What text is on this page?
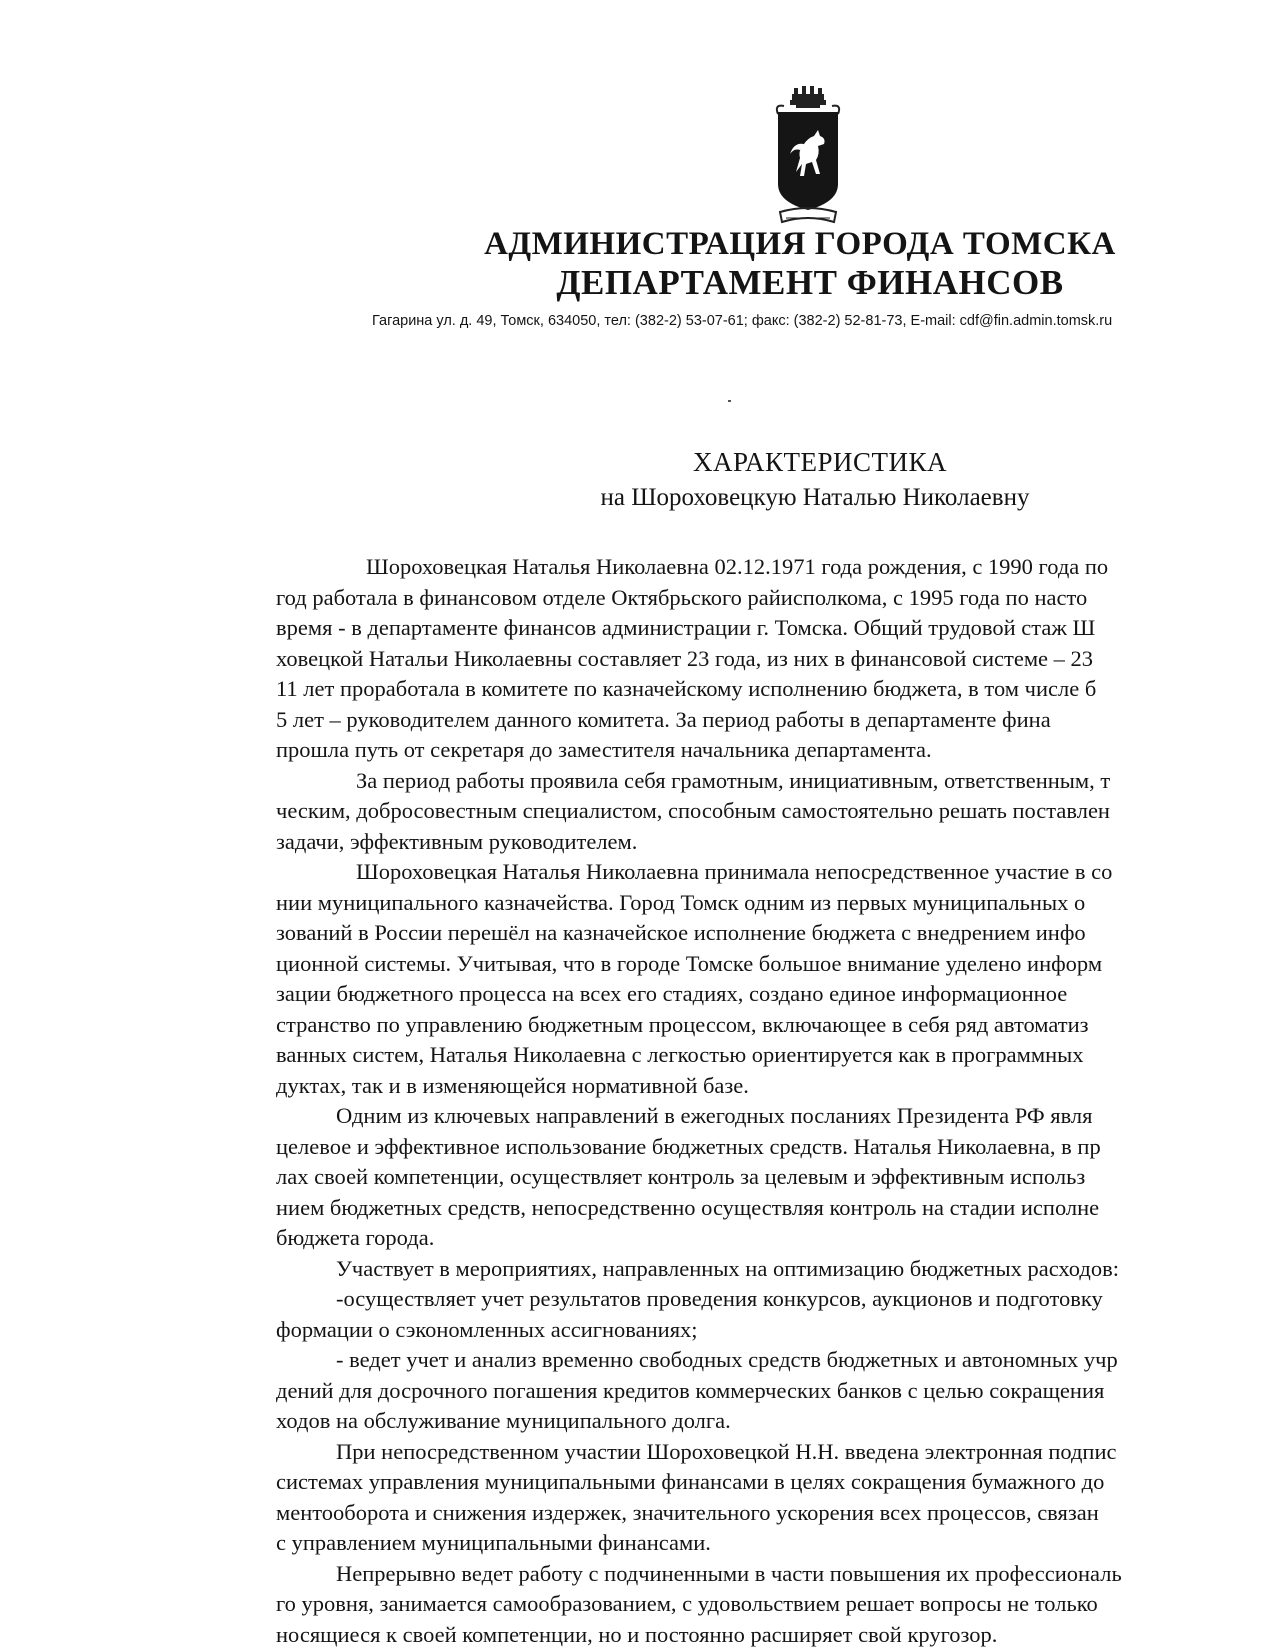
АДМИНИСТРАЦИЯ ГОРОДА ТОМСКА
ДЕПАРТАМЕНТ ФИНАНСОВ
Гагарина ул. д. 49, Томск, 634050, тел: (382-2) 53-07-61; факс: (382-2) 52-81-73, E-mail: cdf@fin.admin.tomsk.ru
ХАРАКТЕРИСТИКА
на Шороховецкую Наталью Николаевну
Шороховецкая Наталья Николаевна 02.12.1971 года рождения, с 1990 года по
год работала в финансовом отделе Октябрьского райисполкома, с 1995 года по насто
время - в департаменте финансов администрации г. Томска. Общий трудовой стаж Ш
ховецкой Натальи Николаевны составляет 23 года, из них в финансовой системе – 23
11 лет проработала в комитете по казначейскому исполнению бюджета, в том числе б
5 лет – руководителем данного комитета. За период работы в департаменте фина
прошла путь от секретаря до заместителя начальника департамента.
За период работы проявила себя грамотным, инициативным, ответственным, т
ческим, добросовестным специалистом, способным самостоятельно решать поставлен
задачи, эффективным руководителем.
Шороховецкая Наталья Николаевна принимала непосредственное участие в со
нии муниципального казначейства. Город Томск одним из первых муниципальных о
зований в России перешёл на казначейское исполнение бюджета с внедрением инфо
ционной системы. Учитывая, что в городе Томске большое внимание уделено информ
зации бюджетного процесса на всех его стадиях, создано единое информационное
странство по управлению бюджетным процессом, включающее в себя ряд автоматиз
ванных систем, Наталья Николаевна с легкостью ориентируется как в программных
дуктах, так и в изменяющейся нормативной базе.
Одним из ключевых направлений в ежегодных посланиях Президента РФ явля
целевое и эффективное использование бюджетных средств. Наталья Николаевна, в пр
лах своей компетенции, осуществляет контроль за целевым и эффективным использ
нием бюджетных средств, непосредственно осуществляя контроль на стадии исполне
бюджета города.
Участвует в мероприятиях, направленных на оптимизацию бюджетных расходов:
-осуществляет учет результатов проведения конкурсов, аукционов и подготовку
формации о сэкономленных ассигнованиях;
- ведет учет и анализ временно свободных средств бюджетных и автономных учр
дений для досрочного погашения кредитов коммерческих банков с целью сокращения
ходов на обслуживание муниципального долга.
При непосредственном участии Шороховецкой Н.Н. введена электронная подпис
системах управления муниципальными финансами в целях сокращения бумажного до
ментооборота и снижения издержек, значительного ускорения всех процессов, связан
с управлением муниципальными финансами.
Непрерывно ведет работу с подчиненными в части повышения их профессиональ
го уровня, занимается самообразованием, с удовольствием решает вопросы не только
носящиеся к своей компетенции, но и постоянно расширяет свой кругозор.
